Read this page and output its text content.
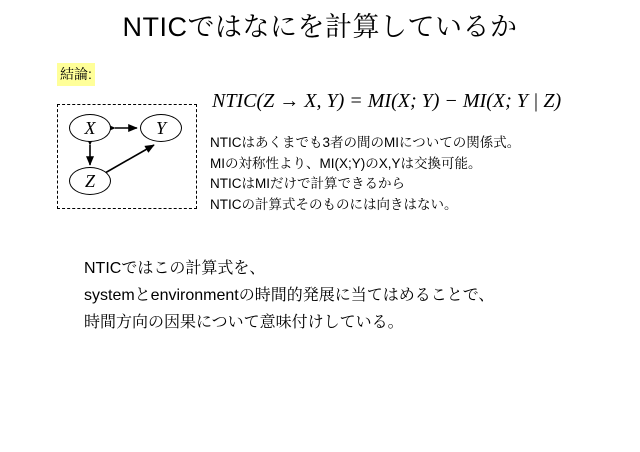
NTICではなにを計算しているか
結論:
X	Y
Z
NTIC(Z → X, Y) = MI(X; Y) − MI(X; Y | Z)
NTICはあくまでも3者の間のMIについての関係式。
MIの対称性より、MI(X;Y)のX,Yは交換可能。
NTICはMIだけで計算できるから
NTICの計算式そのものには向きはない。
NTICではこの計算式を、
systemとenvironmentの時間的発展に当てはめることで、
時間方向の因果について意味付けしている。
